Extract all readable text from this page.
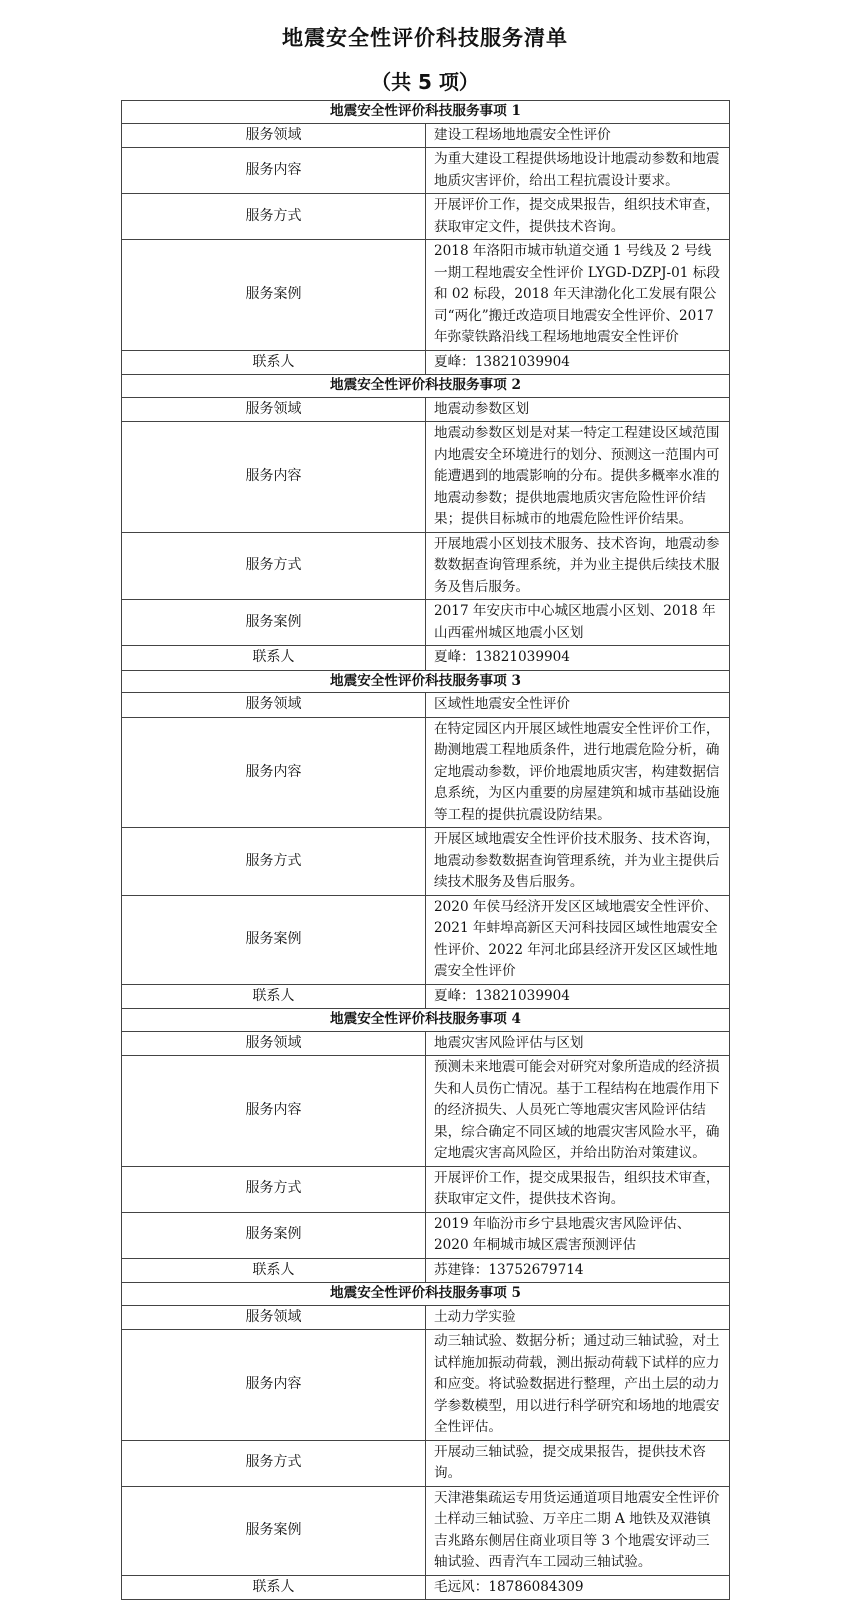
地震安全性评价科技服务清单
（共 5 项）
地震安全性评价科技服务事项 1	
服务领域	建设工程场地地震安全性评价
服务内容	为重大建设工程提供场地设计地震动参数和地震地质灾害评价，给出工程抗震设计要求。
服务方式	开展评价工作，提交成果报告，组织技术审查，获取审定文件，提供技术咨询。
服务案例	2018 年洛阳市城市轨道交通 1 号线及 2 号线一期工程地震安全性评价 LYGD-DZPJ-01 标段和 02 标段，2018 年天津渤化化工发展有限公司“两化”搬迁改造项目地震安全性评价、2017 年弥蒙铁路沿线工程场地地震安全性评价
联系人	夏峰：13821039904
地震安全性评价科技服务事项 2	
服务领域	地震动参数区划
服务内容	地震动参数区划是对某一特定工程建设区域范围内地震安全环境进行的划分、预测这一范围内可能遭遇到的地震影响的分布。提供多概率水准的地震动参数；提供地震地质灾害危险性评价结果；提供目标城市的地震危险性评价结果。
服务方式	开展地震小区划技术服务、技术咨询，地震动参数数据查询管理系统，并为业主提供后续技术服务及售后服务。
服务案例	2017 年安庆市中心城区地震小区划、2018 年山西霍州城区地震小区划
联系人	夏峰：13821039904
地震安全性评价科技服务事项 3	
服务领域	区域性地震安全性评价
服务内容	在特定园区内开展区域性地震安全性评价工作，勘测地震工程地质条件，进行地震危险分析，确定地震动参数，评价地震地质灾害，构建数据信息系统，为区内重要的房屋建筑和城市基础设施等工程的提供抗震设防结果。
服务方式	开展区域地震安全性评价技术服务、技术咨询，地震动参数数据查询管理系统，并为业主提供后续技术服务及售后服务。
服务案例	2020 年侯马经济开发区区域地震安全性评价、2021 年蚌埠高新区天河科技园区域性地震安全性评价、2022 年河北邱县经济开发区区域性地震安全性评价
联系人	夏峰：13821039904
地震安全性评价科技服务事项 4	
服务领域	地震灾害风险评估与区划
服务内容	预测未来地震可能会对研究对象所造成的经济损失和人员伤亡情况。基于工程结构在地震作用下的经济损失、人员死亡等地震灾害风险评估结果，综合确定不同区域的地震灾害风险水平，确定地震灾害高风险区，并给出防治对策建议。
服务方式	开展评价工作，提交成果报告，组织技术审查，获取审定文件，提供技术咨询。
服务案例	2019 年临汾市乡宁县地震灾害风险评估、2020 年桐城市城区震害预测评估
联系人	苏建锋：13752679714
地震安全性评价科技服务事项 5	
服务领域	土动力学实验
服务内容	动三轴试验、数据分析；通过动三轴试验，对土试样施加振动荷载，测出振动荷载下试样的应力和应变。将试验数据进行整理，产出土层的动力学参数模型，用以进行科学研究和场地的地震安全性评估。
服务方式	开展动三轴试验，提交成果报告，提供技术咨询。
服务案例	天津港集疏运专用货运通道项目地震安全性评价土样动三轴试验、万辛庄二期 A 地铁及双港镇吉兆路东侧居住商业项目等 3 个地震安评动三轴试验、西青汽车工园动三轴试验。
联系人	毛远风：18786084309
